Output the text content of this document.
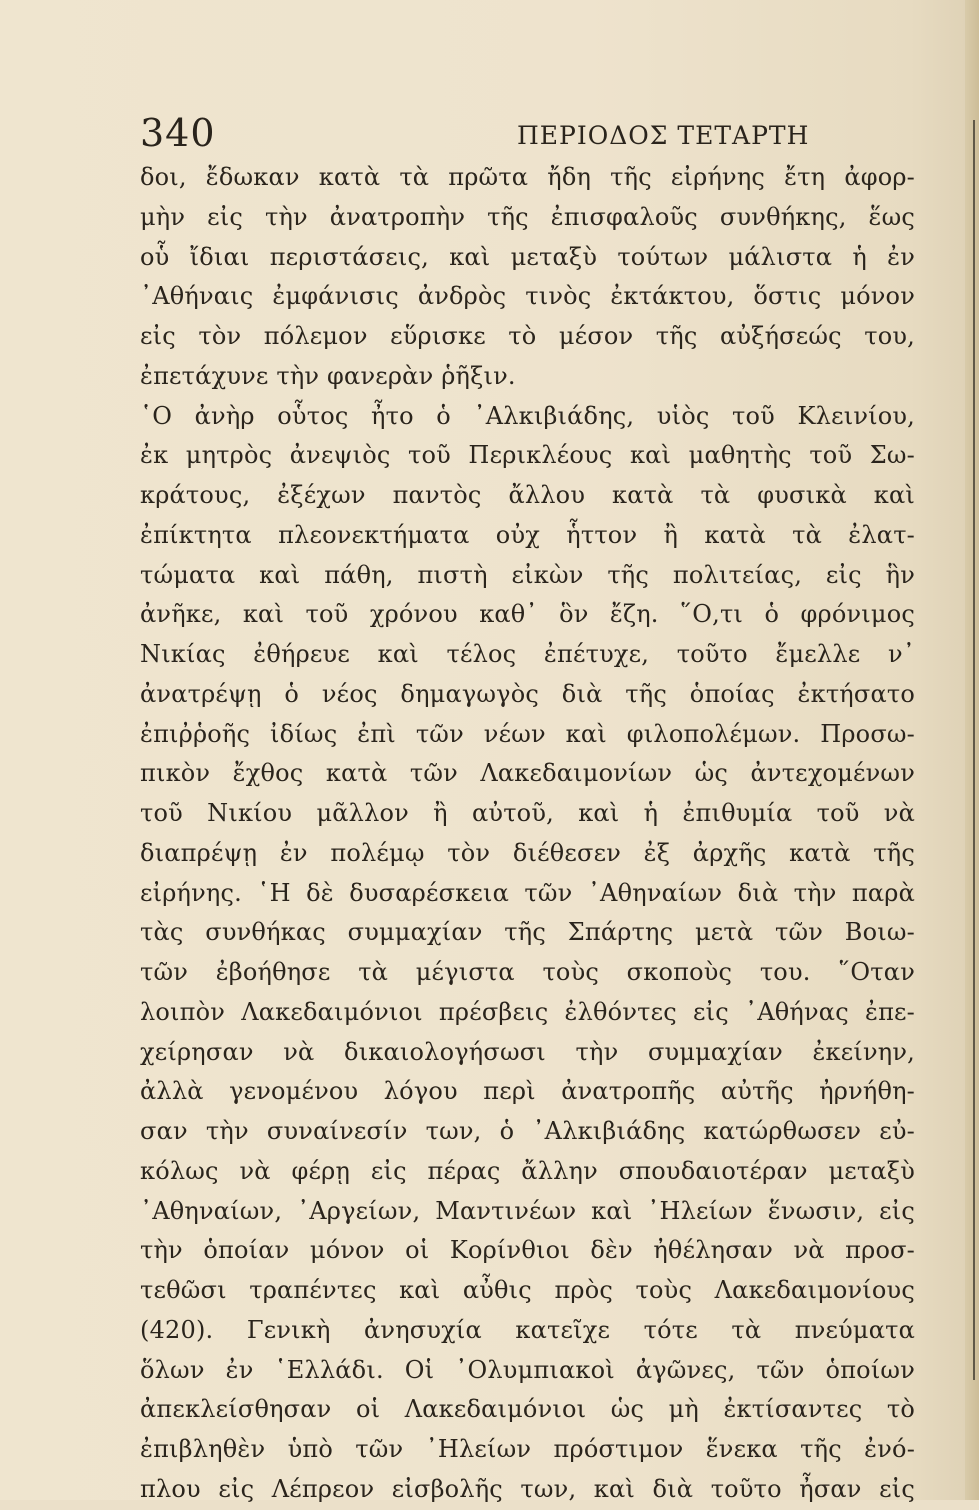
340	ΠΕΡΙΟΔΟΣ ΤΕΤΑΡΤΗ
δοι, ἔδωκαν κατὰ τὰ πρῶτα ἤδη τῆς εἰρήνης ἔτη ἀφορ-
μὴν εἰς τὴν ἀνατροπὴν τῆς ἐπισφαλοῦς συνθήκης, ἕως
οὗ ἴδιαι περιστάσεις, καὶ μεταξὺ τούτων μάλιστα ἡ ἐν
᾽Αθήναις ἐμφάνισις ἀνδρὸς τινὸς ἐκτάκτου, ὅστις μόνον
εἰς τὸν πόλεμον εὕρισκε τὸ μέσον τῆς αὐξήσεώς του,
ἐπετάχυνε τὴν φανερὰν ῥῆξιν.
῾Ο ἀνὴρ οὗτος ἦτο ὁ ᾽Αλκιβιάδης, υἱὸς τοῦ Κλεινίου,
ἐκ μητρὸς ἀνεψιὸς τοῦ Περικλέους καὶ μαθητὴς τοῦ Σω-
κράτους, ἐξέχων παντὸς ἄλλου κατὰ τὰ φυσικὰ καὶ
ἐπίκτητα πλεονεκτήματα οὐχ ἧττον ἢ κατὰ τὰ ἐλατ-
τώματα καὶ πάθη, πιστὴ εἰκὼν τῆς πολιτείας, εἰς ἣν
ἀνῆκε, καὶ τοῦ χρόνου καθ᾽ ὃν ἔζη. ῞Ο,τι ὁ φρόνιμος
Νικίας ἐθήρευε καὶ τέλος ἐπέτυχε, τοῦτο ἔμελλε ν᾽
ἀνατρέψῃ ὁ νέος δημαγωγὸς διὰ τῆς ὁποίας ἐκτήσατο
ἐπιῤῥοῆς ἰδίως ἐπὶ τῶν νέων καὶ φιλοπολέμων. Προσω-
πικὸν ἔχθος κατὰ τῶν Λακεδαιμονίων ὡς ἀντεχομένων
τοῦ Νικίου μᾶλλον ἢ αὐτοῦ, καὶ ἡ ἐπιθυμία τοῦ νὰ
διαπρέψῃ ἐν πολέμῳ τὸν διέθεσεν ἐξ ἀρχῆς κατὰ τῆς
εἰρήνης. ῾Η δὲ δυσαρέσκεια τῶν ᾽Αθηναίων διὰ τὴν παρὰ
τὰς συνθήκας συμμαχίαν τῆς Σπάρτης μετὰ τῶν Βοιω-
τῶν ἐβοήθησε τὰ μέγιστα τοὺς σκοποὺς του. ῞Οταν
λοιπὸν Λακεδαιμόνιοι πρέσβεις ἐλθόντες εἰς ᾽Αθήνας ἐπε-
χείρησαν νὰ δικαιολογήσωσι τὴν συμμαχίαν ἐκείνην,
ἀλλὰ γενομένου λόγου περὶ ἀνατροπῆς αὐτῆς ἠρνήθη-
σαν τὴν συναίνεσίν των, ὁ ᾽Αλκιβιάδης κατώρθωσεν εὐ-
κόλως νὰ φέρῃ εἰς πέρας ἄλλην σπουδαιοτέραν μεταξὺ
᾽Αθηναίων, ᾽Αργείων, Μαντινέων καὶ ᾽Ηλείων ἕνωσιν, εἰς
τὴν ὁποίαν μόνον οἱ Κορίνθιοι δὲν ἠθέλησαν νὰ προσ-
τεθῶσι τραπέντες καὶ αὖθις πρὸς τοὺς Λακεδαιμονίους
(420). Γενικὴ ἀνησυχία κατεῖχε τότε τὰ πνεύματα
ὅλων ἐν ῾Ελλάδι. Οἱ ᾽Ολυμπιακοὶ ἀγῶνες, τῶν ὁποίων
ἀπεκλείσθησαν οἱ Λακεδαιμόνιοι ὡς μὴ ἐκτίσαντες τὸ
ἐπιβληθὲν ὑπὸ τῶν ᾽Ηλείων πρόστιμον ἕνεκα τῆς ἐνό-
πλου εἰς Λέπρεον εἰσβολῆς των, καὶ διὰ τοῦτο ἦσαν εἰς
